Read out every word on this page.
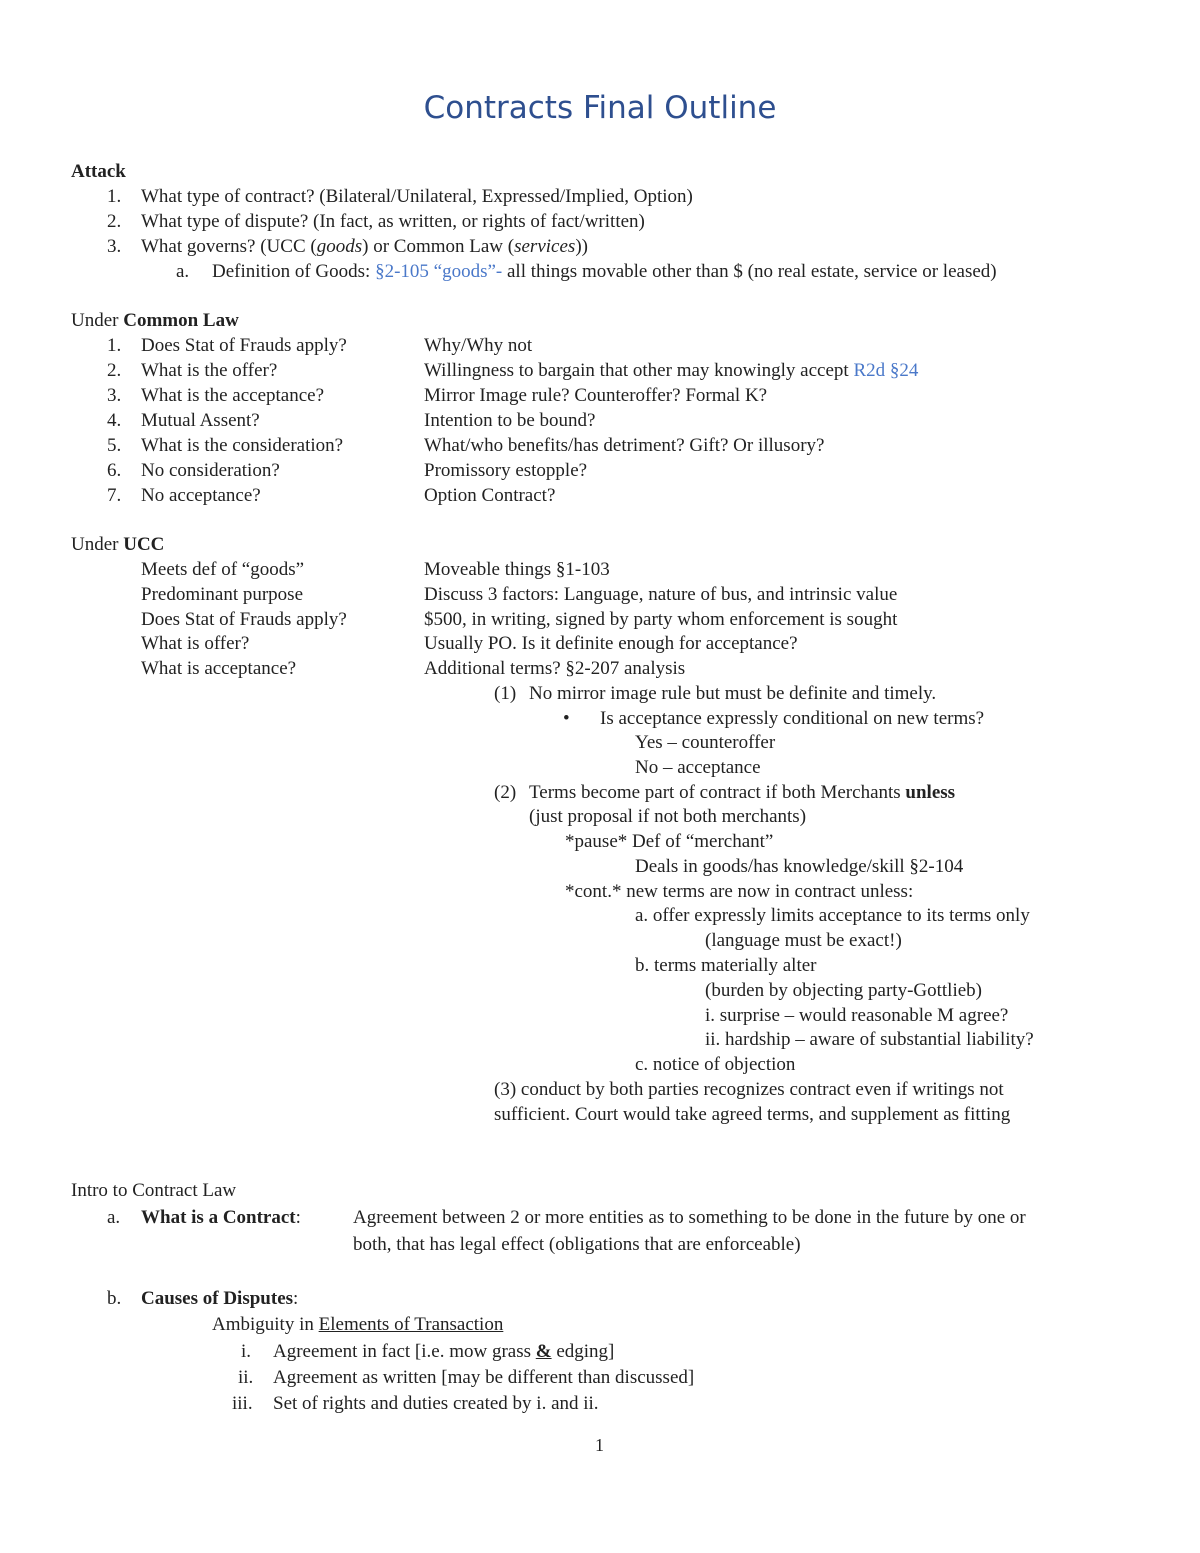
Contracts Final Outline
Attack
1. What type of contract? (Bilateral/Unilateral, Expressed/Implied, Option)
2. What type of dispute? (In fact, as written, or rights of fact/written)
3. What governs? (UCC (goods) or Common Law (services))
a. Definition of Goods: §2-105 “goods”- all things movable other than $ (no real estate, service or leased)
Under Common Law
1. Does Stat of Frauds apply?	Why/Why not
2. What is the offer?	Willingness to bargain that other may knowingly accept R2d §24
3. What is the acceptance?	Mirror Image rule? Counteroffer? Formal K?
4. Mutual Assent?	Intention to be bound?
5. What is the consideration?	What/who benefits/has detriment? Gift? Or illusory?
6. No consideration?	Promissory estopple?
7. No acceptance?	Option Contract?
Under UCC
Meets def of “goods”	Moveable things §1-103
Predominant purpose	Discuss 3 factors: Language, nature of bus, and intrinsic value
Does Stat of Frauds apply?	$500, in writing, signed by party whom enforcement is sought
What is offer?	Usually PO. Is it definite enough for acceptance?
What is acceptance?	Additional terms? §2-207 analysis
(1) No mirror image rule but must be definite and timely.
• Is acceptance expressly conditional on new terms?
Yes – counteroffer
No – acceptance
(2) Terms become part of contract if both Merchants unless
(just proposal if not both merchants)
*pause* Def of “merchant”
Deals in goods/has knowledge/skill §2-104
*cont.* new terms are now in contract unless:
a. offer expressly limits acceptance to its terms only
(language must be exact!)
b. terms materially alter
(burden by objecting party-Gottlieb)
i. surprise – would reasonable M agree?
ii. hardship – aware of substantial liability?
c. notice of objection
(3) conduct by both parties recognizes contract even if writings not
sufficient. Court would take agreed terms, and supplement as fitting
Intro to Contract Law
a. What is a Contract:	Agreement between 2 or more entities as to something to be done in the future by one or
both, that has legal effect (obligations that are enforceable)
b. Causes of Disputes:
Ambiguity in Elements of Transaction
i. Agreement in fact [i.e. mow grass & edging]
ii. Agreement as written [may be different than discussed]
iii. Set of rights and duties created by i. and ii.
1
